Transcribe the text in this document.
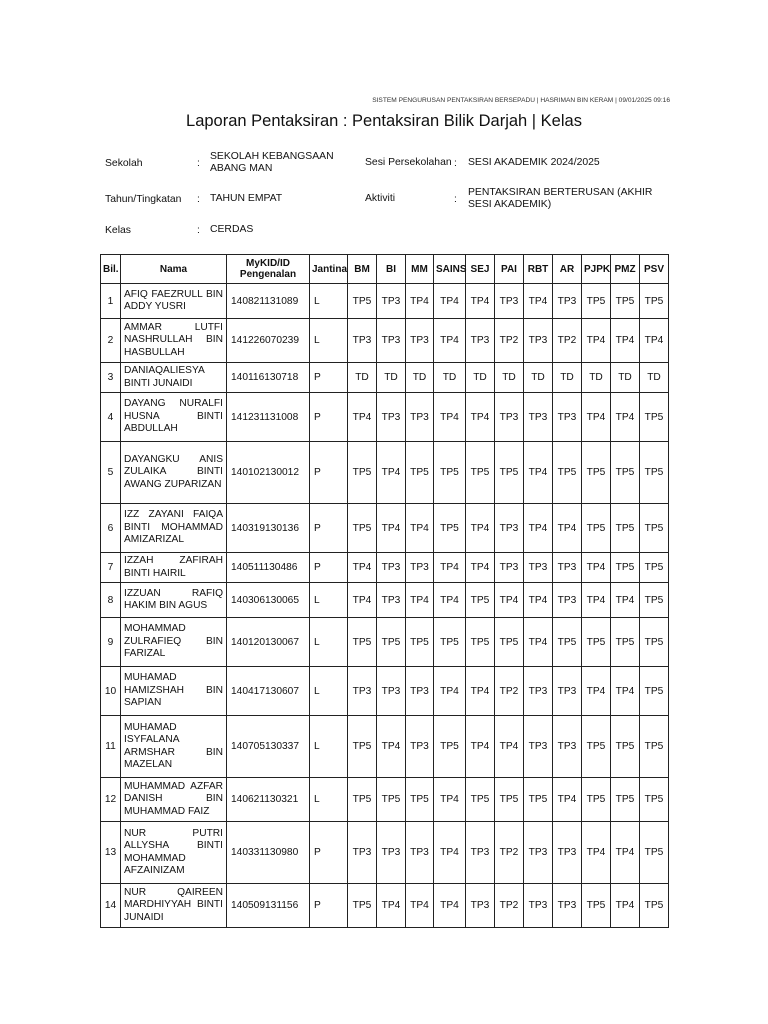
SISTEM PENGURUSAN PENTAKSIRAN BERSEPADU | HASRIMAN BIN KERAM | 09/01/2025 09:16
Laporan Pentaksiran : Pentaksiran Bilik Darjah | Kelas
Sekolah	:
SEKOLAH KEBANGSAAN ABANG MAN
Sesi Persekolahan : SESI AKADEMIK 2024/2025
Tahun/Tingkatan : TAHUN EMPAT	Aktiviti	:
PENTAKSIRAN BERTERUSAN (AKHIR SESI AKADEMIK)
Kelas	: CERDAS
Bil.	Nama	MyKID/ID Pengenalan	Jantina	BM	BI	MM	SAINS	SEJ	PAI	RBT	AR	PJPK	PMZ	PSV
1	AFIQ FAEZRULL BIN ADDY YUSRI	140821131089	L	TP5	TP3	TP4	TP4	TP4	TP3	TP4	TP3	TP5	TP5	TP5
2	AMMAR LUTFI NASHRULLAH BIN HASBULLAH	141226070239	L	TP3	TP3	TP3	TP4	TP3	TP2	TP3	TP2	TP4	TP4	TP4
3	DANIAQALIESYA BINTI JUNAIDI	140116130718	P	TD	TD	TD	TD	TD	TD	TD	TD	TD	TD	TD
4	DAYANG NURALFI HUSNA BINTI ABDULLAH	141231131008	P	TP4	TP3	TP3	TP4	TP4	TP3	TP3	TP3	TP4	TP4	TP5
5	DAYANGKU ANIS ZULAIKA BINTI AWANG ZUPARIZAN	140102130012	P	TP5	TP4	TP5	TP5	TP5	TP5	TP4	TP5	TP5	TP5	TP5
6	IZZ ZAYANI FAIQA BINTI MOHAMMAD AMIZARIZAL	140319130136	P	TP5	TP4	TP4	TP5	TP4	TP3	TP4	TP4	TP5	TP5	TP5
7	IZZAH ZAFIRAH BINTI HAIRIL	140511130486	P	TP4	TP3	TP3	TP4	TP4	TP3	TP3	TP3	TP4	TP5	TP5
8	IZZUAN RAFIQ HAKIM BIN AGUS	140306130065	L	TP4	TP3	TP4	TP4	TP5	TP4	TP4	TP3	TP4	TP4	TP5
9	MOHAMMAD ZULRAFIEQ BIN FARIZAL	140120130067	L	TP5	TP5	TP5	TP5	TP5	TP5	TP4	TP5	TP5	TP5	TP5
10	MUHAMAD HAMIZSHAH BIN SAPIAN	140417130607	L	TP3	TP3	TP3	TP4	TP4	TP2	TP3	TP3	TP4	TP4	TP5
11	MUHAMAD ISYFALANA ARMSHAR BIN MAZELAN	140705130337	L	TP5	TP4	TP3	TP5	TP4	TP4	TP3	TP3	TP5	TP5	TP5
12	MUHAMMAD AZFAR DANISH BIN MUHAMMAD FAIZ	140621130321	L	TP5	TP5	TP5	TP4	TP5	TP5	TP5	TP4	TP5	TP5	TP5
13	NUR PUTRI ALLYSHA BINTI MOHAMMAD AFZAINIZAM	140331130980	P	TP3	TP3	TP3	TP4	TP3	TP2	TP3	TP3	TP4	TP4	TP5
14	NUR QAIREEN MARDHIYYAH BINTI JUNAIDI	140509131156	P	TP5	TP4	TP4	TP4	TP3	TP2	TP3	TP3	TP5	TP4	TP5
